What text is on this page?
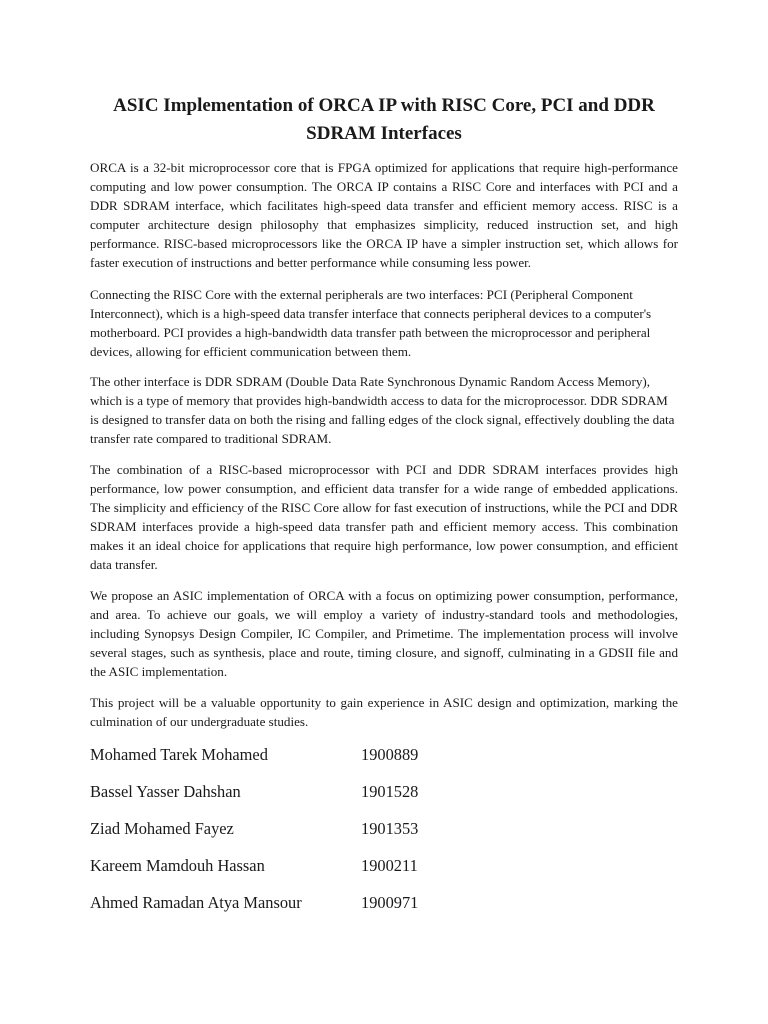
ASIC Implementation of ORCA IP with RISC Core, PCI and DDR SDRAM Interfaces

ORCA is a 32-bit microprocessor core that is FPGA optimized for applications that require high-performance computing and low power consumption. The ORCA IP contains a RISC Core and interfaces with PCI and a DDR SDRAM interface, which facilitates high-speed data transfer and efficient memory access. RISC is a computer architecture design philosophy that emphasizes simplicity, reduced instruction set, and high performance. RISC-based microprocessors like the ORCA IP have a simpler instruction set, which allows for faster execution of instructions and better performance while consuming less power.

Connecting the RISC Core with the external peripherals are two interfaces: PCI (Peripheral Component Interconnect), which is a high-speed data transfer interface that connects peripheral devices to a computer's motherboard. PCI provides a high-bandwidth data transfer path between the microprocessor and peripheral devices, allowing for efficient communication between them.

The other interface is DDR SDRAM (Double Data Rate Synchronous Dynamic Random Access Memory), which is a type of memory that provides high-bandwidth access to data for the microprocessor. DDR SDRAM is designed to transfer data on both the rising and falling edges of the clock signal, effectively doubling the data transfer rate compared to traditional SDRAM.

The combination of a RISC-based microprocessor with PCI and DDR SDRAM interfaces provides high performance, low power consumption, and efficient data transfer for a wide range of embedded applications. The simplicity and efficiency of the RISC Core allow for fast execution of instructions, while the PCI and DDR SDRAM interfaces provide a high-speed data transfer path and efficient memory access. This combination makes it an ideal choice for applications that require high performance, low power consumption, and efficient data transfer.

We propose an ASIC implementation of ORCA with a focus on optimizing power consumption, performance, and area. To achieve our goals, we will employ a variety of industry-standard tools and methodologies, including Synopsys Design Compiler, IC Compiler, and Primetime. The implementation process will involve several stages, such as synthesis, place and route, timing closure, and signoff, culminating in a GDSII file and the ASIC implementation.

This project will be a valuable opportunity to gain experience in ASIC design and optimization, marking the culmination of our undergraduate studies.

Mohamed Tarek Mohamed	1900889
Bassel Yasser Dahshan	1901528
Ziad Mohamed Fayez	1901353
Kareem Mamdouh Hassan	1900211
Ahmed Ramadan Atya Mansour	1900971
